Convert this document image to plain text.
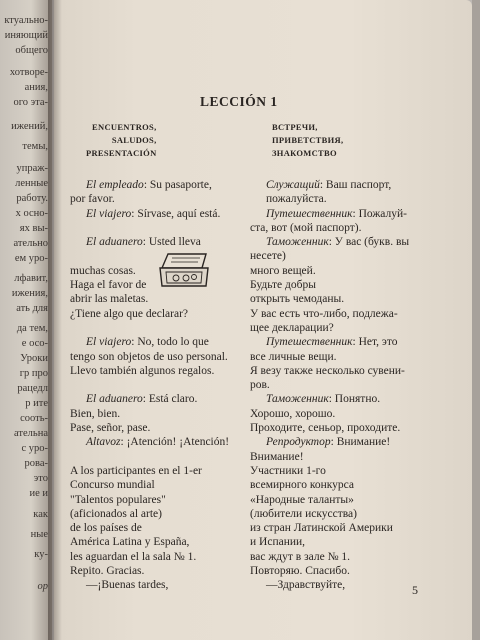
ктуально-
иняющий
общего
хотворе-
ания,
ого эта-
ижений,
темы,
упраж-
ленные
работу.
х осно-
ях вы-
ательно
ем уро-
лфавит,
ижения,
ать для
да тем,
е осо-
Уроки
гр про
рацедл
р ите
сооть-
ательна
с уро-
рова-
это
ие и
как
ные
ку-
ор
LECCIÓN 1
ENCUENTROS,
SALUDOS,
PRESENTACIÓN
ВСТРЕЧИ,
ПРИВЕТСТВИЯ,
ЗНАКОМСТВО
El empleado: Su pasaporte,
por favor.
El viajero: Sírvase, aquí está.
El aduanero: Usted lleva
muchas cosas.
Haga el favor de
abrir las maletas.
¿Tiene algo que declarar?
El viajero: No, todo lo que
tengo son objetos de uso personal.
Llevo también algunos regalos.
El aduanero: Está claro.
Bien, bien.
Pase, señor, pase.
Altavoz: ¡Atención! ¡Atención!
A los participantes en el 1-er
Concurso mundial
"Talentos populares"
(aficionados al arte)
de los países de
América Latina y España,
les aguardan el la sala № 1.
Repito. Gracias.
—¡Buenas tardes,
Служащий: Ваш паспорт,
пожалуйста.
Путешественник: Пожалуй-
ста, вот (мой паспорт).
Таможенник: У вас (букв. вы
несете)
много вещей.
Будьте добры
открыть чемоданы.
У вас есть что-либо, подлежа-
щее декларации?
Путешественник: Нет, это
все личные вещи.
Я везу также несколько сувени-
ров.
Таможенник: Понятно.
Хорошо, хорошо.
Проходите, сеньор, проходите.
Репродуктор: Внимание!
Внимание!
Участники 1-го
всемирного конкурса
«Народные таланты»
(любители искусства)
из стран Латинской Америки
и Испании,
вас ждут в зале № 1.
Повторяю. Спасибо.
—Здравствуйте,	5
